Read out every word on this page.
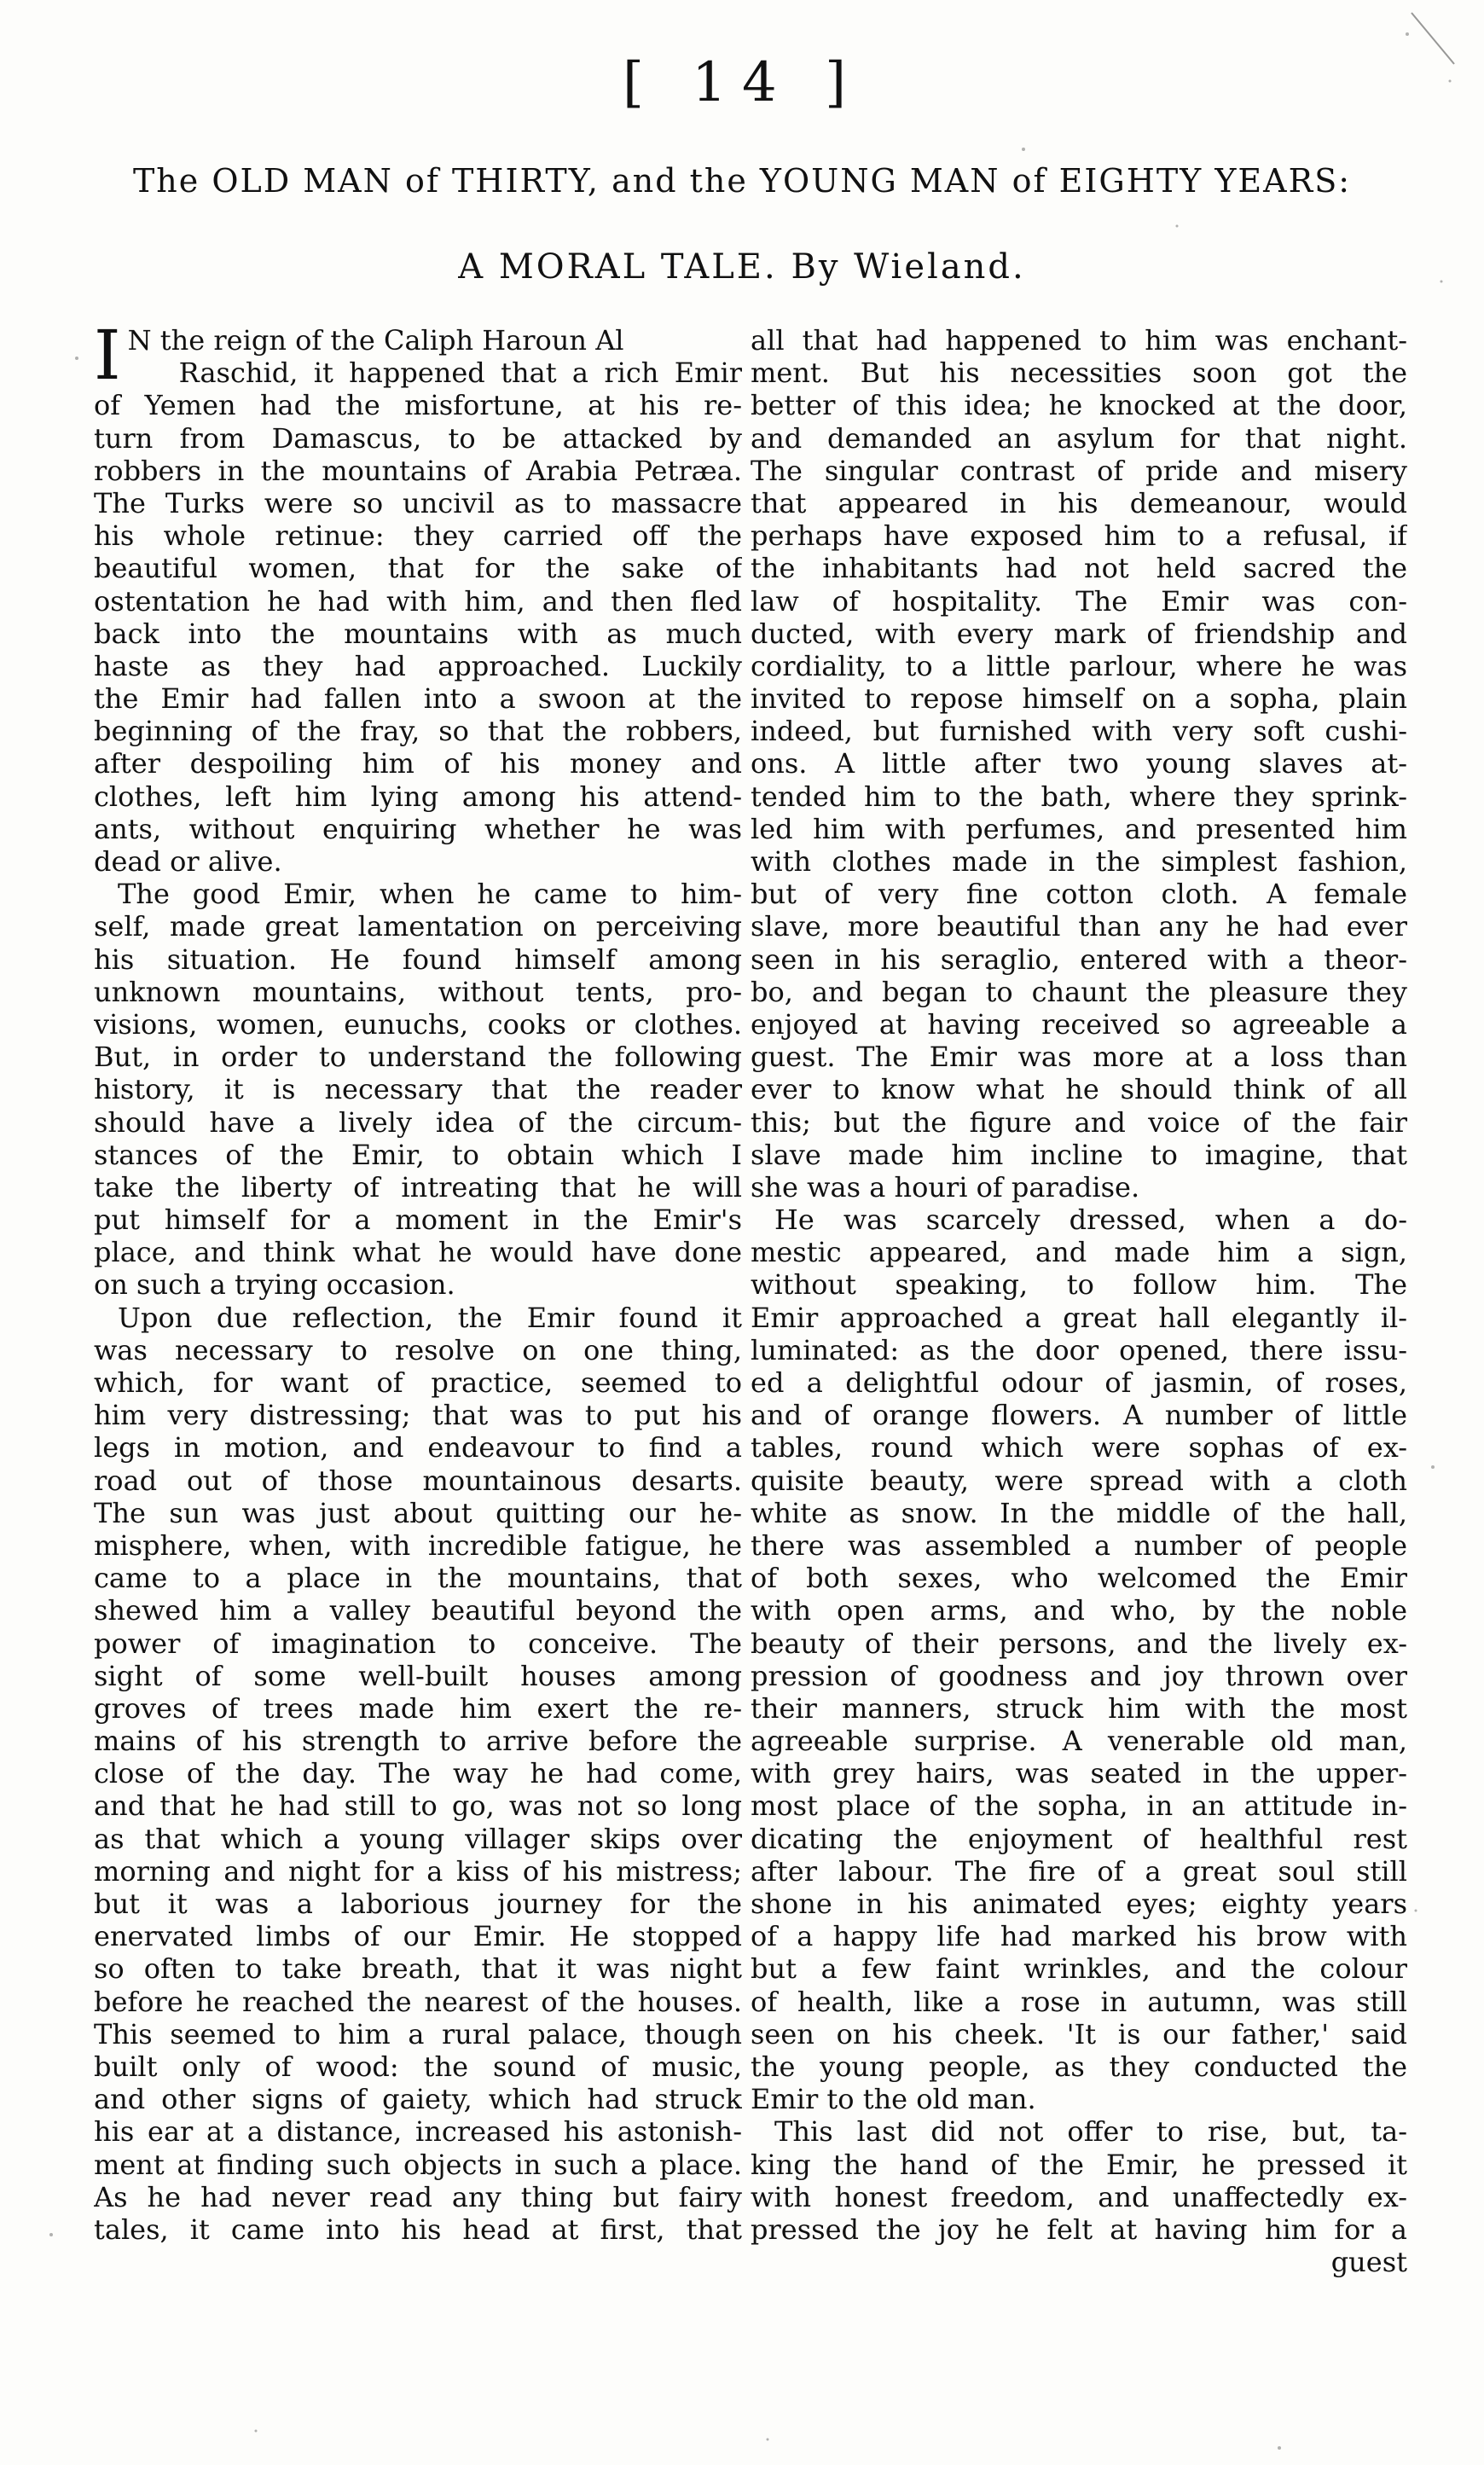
[ 14 ]
The OLD MAN of THIRTY, and the YOUNG MAN of EIGHTY YEARS:
A MORAL TALE. By Wieland.
I N the reign of the Caliph Haroun Al
Raschid, it happened that a rich Emir
of Yemen had the misfortune, at his re-
turn from Damascus, to be attacked by
robbers in the mountains of Arabia Petræa.
The Turks were so uncivil as to massacre
his whole retinue: they carried off the
beautiful women, that for the sake of
ostentation he had with him, and then fled
back into the mountains with as much
haste as they had approached. Luckily
the Emir had fallen into a swoon at the
beginning of the fray, so that the robbers,
after despoiling him of his money and
clothes, left him lying among his attend-
ants, without enquiring whether he was
dead or alive.
The good Emir, when he came to him-
self, made great lamentation on perceiving
his situation. He found himself among
unknown mountains, without tents, pro-
visions, women, eunuchs, cooks or clothes.
But, in order to understand the following
history, it is necessary that the reader
should have a lively idea of the circum-
stances of the Emir, to obtain which I
take the liberty of intreating that he will
put himself for a moment in the Emir's
place, and think what he would have done
on such a trying occasion.
Upon due reflection, the Emir found it
was necessary to resolve on one thing,
which, for want of practice, seemed to
him very distressing; that was to put his
legs in motion, and endeavour to find a
road out of those mountainous desarts.
The sun was just about quitting our he-
misphere, when, with incredible fatigue, he
came to a place in the mountains, that
shewed him a valley beautiful beyond the
power of imagination to conceive. The
sight of some well-built houses among
groves of trees made him exert the re-
mains of his strength to arrive before the
close of the day. The way he had come,
and that he had still to go, was not so long
as that which a young villager skips over
morning and night for a kiss of his mistress;
but it was a laborious journey for the
enervated limbs of our Emir. He stopped
so often to take breath, that it was night
before he reached the nearest of the houses.
This seemed to him a rural palace, though
built only of wood: the sound of music,
and other signs of gaiety, which had struck
his ear at a distance, increased his astonish-
ment at finding such objects in such a place.
As he had never read any thing but fairy
tales, it came into his head at first, that
all that had happened to him was enchant-
ment. But his necessities soon got the
better of this idea; he knocked at the door,
and demanded an asylum for that night.
The singular contrast of pride and misery
that appeared in his demeanour, would
perhaps have exposed him to a refusal, if
the inhabitants had not held sacred the
law of hospitality. The Emir was con-
ducted, with every mark of friendship and
cordiality, to a little parlour, where he was
invited to repose himself on a sopha, plain
indeed, but furnished with very soft cushi-
ons. A little after two young slaves at-
tended him to the bath, where they sprink-
led him with perfumes, and presented him
with clothes made in the simplest fashion,
but of very fine cotton cloth. A female
slave, more beautiful than any he had ever
seen in his seraglio, entered with a theor-
bo, and began to chaunt the pleasure they
enjoyed at having received so agreeable a
guest. The Emir was more at a loss than
ever to know what he should think of all
this; but the figure and voice of the fair
slave made him incline to imagine, that
she was a houri of paradise.
He was scarcely dressed, when a do-
mestic appeared, and made him a sign,
without speaking, to follow him. The
Emir approached a great hall elegantly il-
luminated: as the door opened, there issu-
ed a delightful odour of jasmin, of roses,
and of orange flowers. A number of little
tables, round which were sophas of ex-
quisite beauty, were spread with a cloth
white as snow. In the middle of the hall,
there was assembled a number of people
of both sexes, who welcomed the Emir
with open arms, and who, by the noble
beauty of their persons, and the lively ex-
pression of goodness and joy thrown over
their manners, struck him with the most
agreeable surprise. A venerable old man,
with grey hairs, was seated in the upper-
most place of the sopha, in an attitude in-
dicating the enjoyment of healthful rest
after labour. The fire of a great soul still
shone in his animated eyes; eighty years
of a happy life had marked his brow with
but a few faint wrinkles, and the colour
of health, like a rose in autumn, was still
seen on his cheek. 'It is our father,' said
the young people, as they conducted the
Emir to the old man.
This last did not offer to rise, but, ta-
king the hand of the Emir, he pressed it
with honest freedom, and unaffectedly ex-
pressed the joy he felt at having him for a
guest
